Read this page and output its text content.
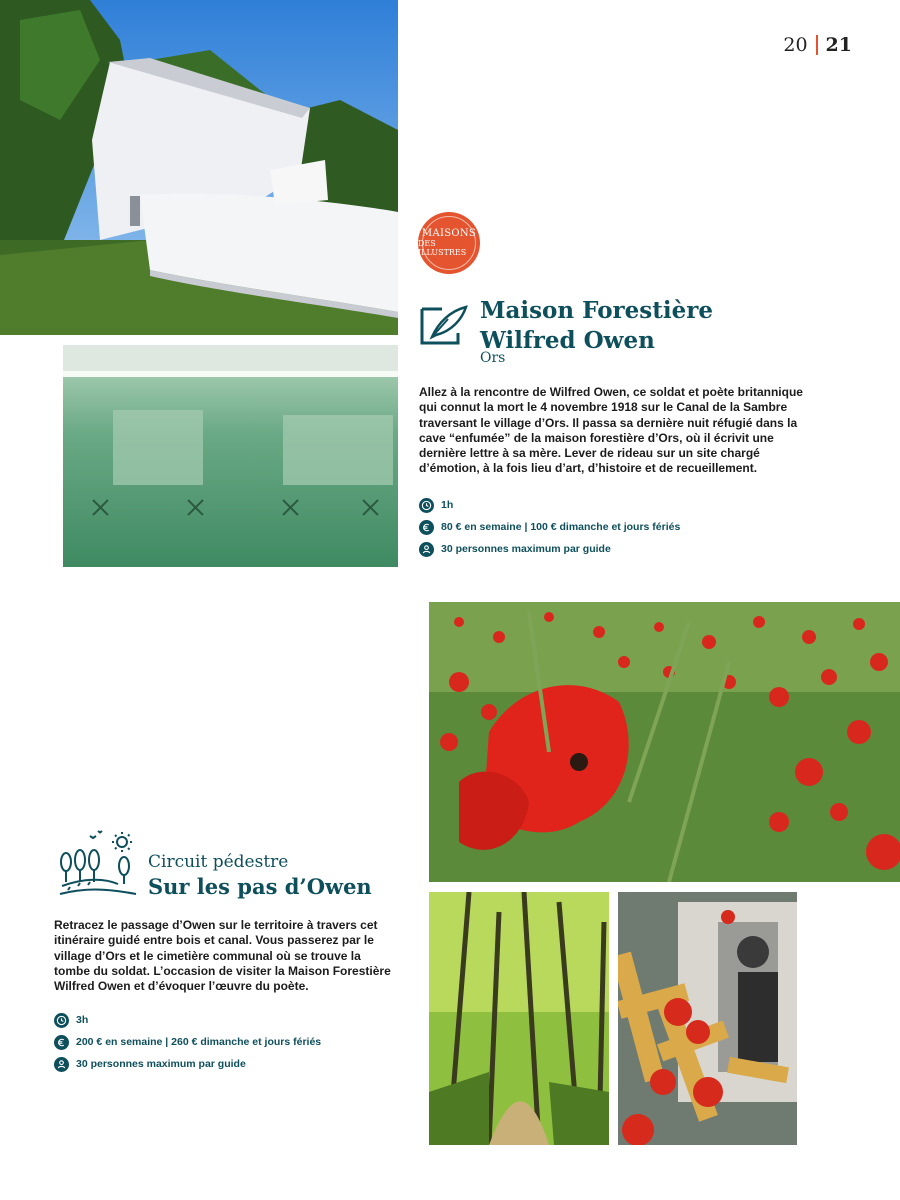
20 21
MAISONS
DES ILLUSTRES
Maison Forestière
Wilfred Owen
Ors
Allez à la rencontre de Wilfred Owen, ce soldat et poète britannique qui connut la mort le 4 novembre 1918 sur le Canal de la Sambre traversant le village d’Ors. Il passa sa dernière nuit réfugié dans la cave “enfumée” de la maison forestière d’Ors, où il écrivit une dernière lettre à sa mère. Lever de rideau sur un site chargé d’émotion, à la fois lieu d’art, d’histoire et de recueillement.
1h
80 € en semaine | 100 € dimanche et jours fériés
30 personnes maximum par guide
Circuit pédestre
Sur les pas d’Owen
Retracez le passage d’Owen sur le territoire à travers cet itinéraire guidé entre bois et canal. Vous passerez par le village d’Ors et le cimetière communal où se trouve la tombe du soldat. L’occasion de visiter la Maison Forestière Wilfred Owen et d’évoquer l’œuvre du poète.
3h
200 € en semaine | 260 € dimanche et jours fériés
30 personnes maximum par guide
